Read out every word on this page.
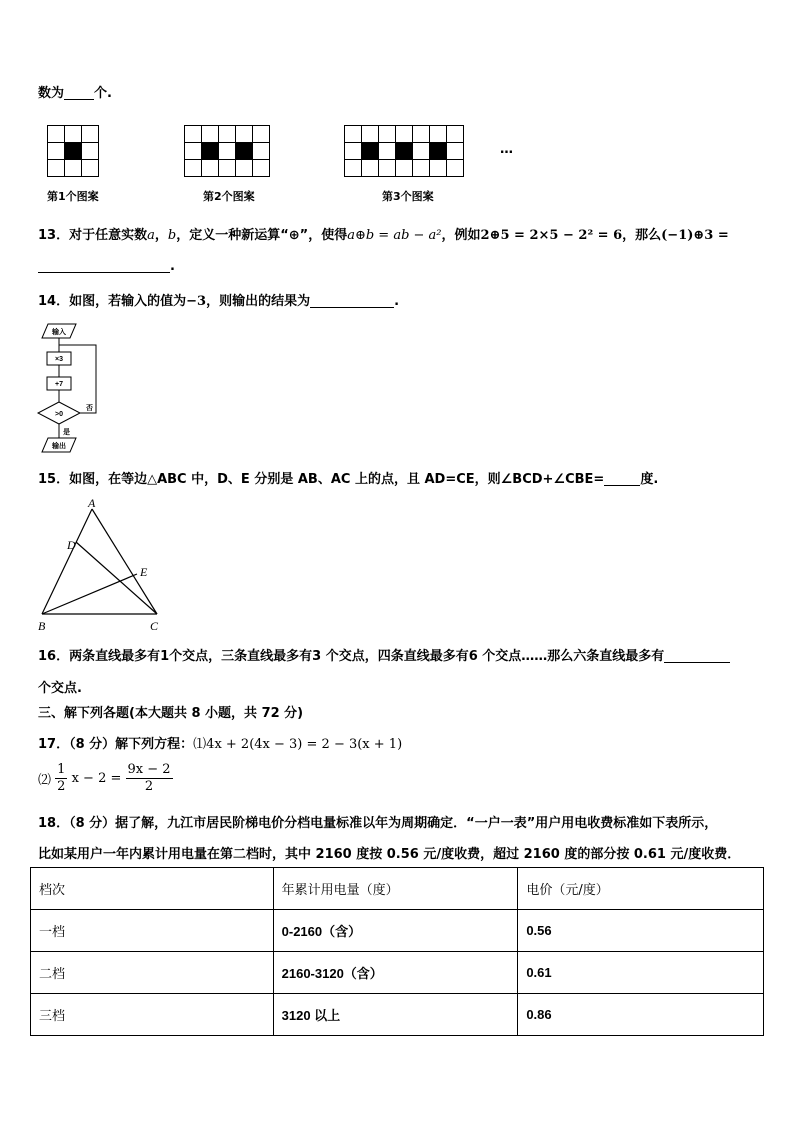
数为 个.

第1个图案

					第2个图案

							第3个图案
…
13．对于任意实数a，b，定义一种新运算“⊕”，使得a⊕b = ab − a²，例如2⊕5 = 2×5 − 2² = 6，那么(−1)⊕3 =
.
14．如图，若输入的值为−3，则输出的结果为	.
输入
×3
+7
>0
否
是
输出
15．如图，在等边△ABC 中，D、E 分别是 AB、AC 上的点，且 AD=CE，则∠BCD+∠CBE=	度.
A
D
E
B	C
16．两条直线最多有1个交点，三条直线最多有3 个交点，四条直线最多有6 个交点……那么六条直线最多有
个交点.
三、解下列各题(本大题共 8 小题，共 72 分)
17．（8 分）解下列方程：⑴4x + 2(4x − 3) = 2 − 3(x + 1)
⑵ $\frac{1}{2}$ $x - 2 = \frac{9x - 2}{2}$
18．（8 分）据了解，九江市居民阶梯电价分档电量标准以年为周期确定．“一户一表”用户用电收费标准如下表所示，
比如某用户一年内累计用电量在第二档时，其中 2160 度按 0.56 元/度收费，超过 2160 度的部分按 0.61 元/度收费．
档次	年累计用电量（度）	电价（元/度）
一档	0-2160（含）	0.56
二档	2160-3120（含）	0.61
三档	3120 以上	0.86
